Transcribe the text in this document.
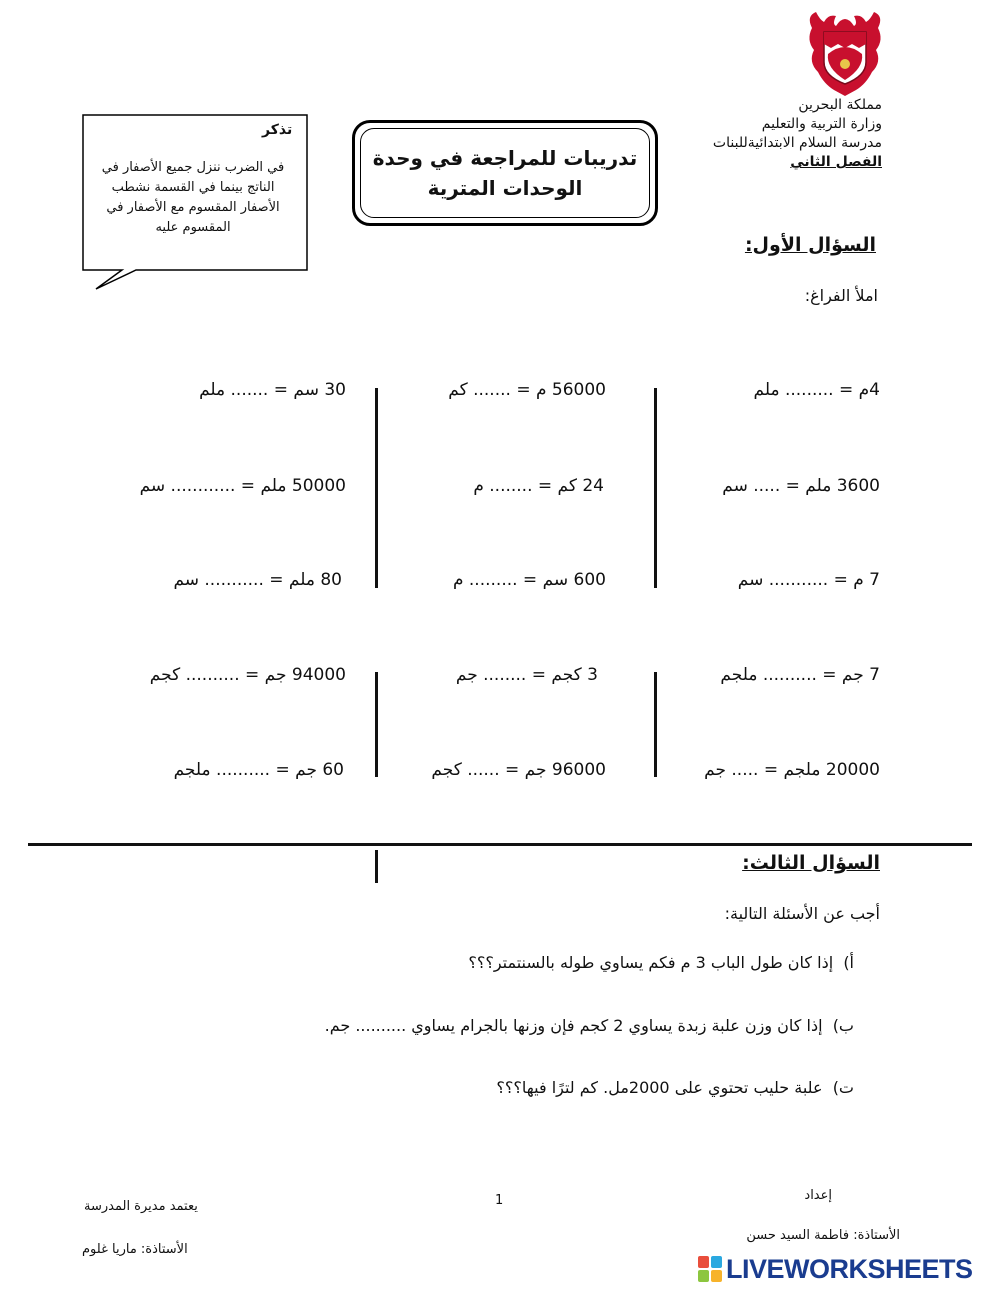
مملكة البحرين
وزارة التربية والتعليم
مدرسة السلام الابتدائيةللبنات
الفصل الثاني
تدريبات للمراجعة في وحدة
الوحدات المترية
تذكر
في الضرب ننزل جميع الأصفار في الناتج بينما في القسمة نشطب الأصفار المقسوم مع الأصفار في المقسوم عليه
السؤال الأول:
املأ الفراغ:
4م = ......... ملم
56000 م = ....... كم
30 سم = ....... ملم
3600 ملم = ..... سم
24 كم = ........ م
50000 ملم = ............ سم
7 م = ........... سم
600 سم = ......... م
80 ملم = ........... سم
7 جم = .......... ملجم
3 كجم = ........ جم
94000 جم = .......... كجم
20000 ملجم = ..... جم
96000 جم = ...... كجم
60 جم = .......... ملجم
السؤال الثالث:
أجب عن الأسئلة التالية:
أ)  إذا كان طول الباب 3 م فكم يساوي طوله بالسنتمتر؟؟؟
ب)  إذا كان وزن علبة زبدة يساوي 2 كجم فإن وزنها بالجرام يساوي .......... جم.
ت)  علبة حليب تحتوي على 2000مل. كم لترًا فيها؟؟؟
إعداد
الأستاذة: فاطمة السيد حسن
1
يعتمد مديرة المدرسة
الأستاذة: ماريا غلوم
LIVEWORKSHEETS
